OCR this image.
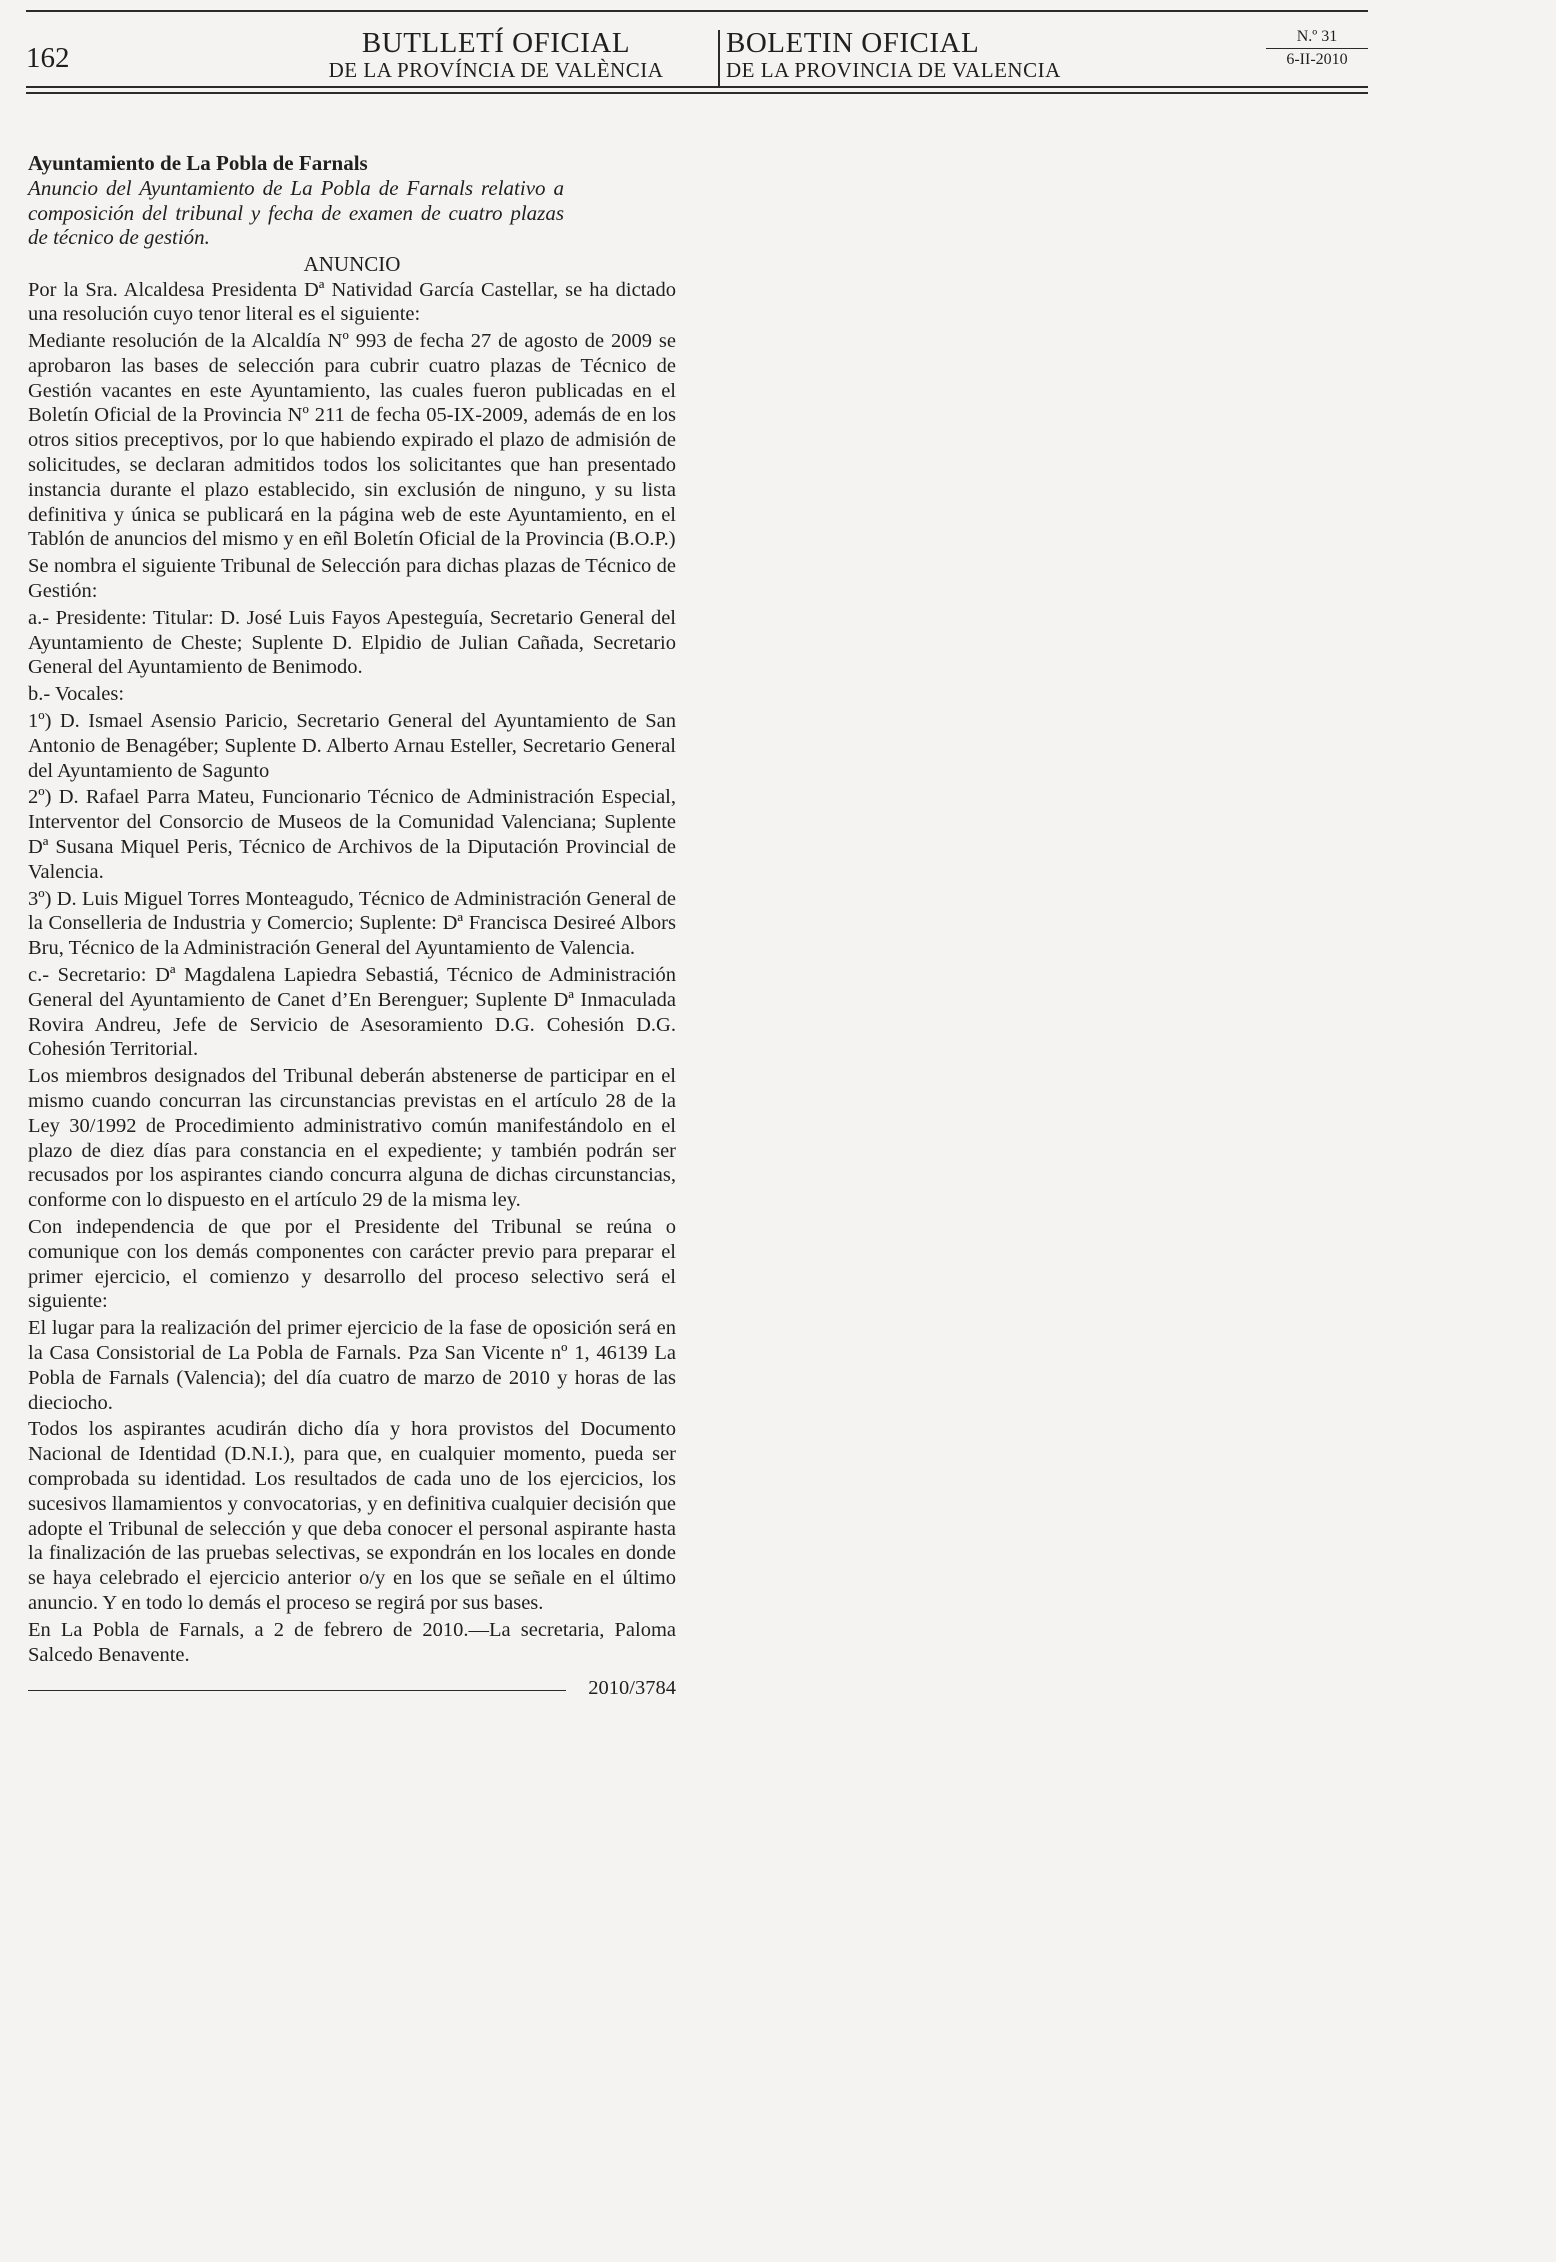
162	BUTLLETÍ OFICIAL
DE LA PROVÍNCIA DE VALÈNCIA
BOLETIN OFICIAL
DE LA PROVINCIA DE VALENCIA
N.º 31
6-II-2010

Ayuntamiento de La Pobla de Farnals

Anuncio del Ayuntamiento de La Pobla de Farnals relativo a composición del tribunal y fecha de examen de cuatro plazas de técnico de gestión.

ANUNCIO

Por la Sra. Alcaldesa Presidenta Dª Natividad García Castellar, se ha dictado una resolución cuyo tenor literal es el siguiente:

Mediante resolución de la Alcaldía Nº 993 de fecha 27 de agosto de 2009 se aprobaron las bases de selección para cubrir cuatro plazas de Técnico de Gestión vacantes en este Ayuntamiento, las cuales fueron publicadas en el Boletín Oficial de la Provincia Nº 211 de fecha 05-IX-2009, además de en los otros sitios preceptivos, por lo que habiendo expirado el plazo de admisión de solicitudes, se declaran admitidos todos los solicitantes que han presentado instancia durante el plazo establecido, sin exclusión de ninguno, y su lista definitiva y única se publicará en la página web de este Ayuntamiento, en el Tablón de anuncios del mismo y en eñl Boletín Oficial de la Provincia (B.O.P.)

Se nombra el siguiente Tribunal de Selección para dichas plazas de Técnico de Gestión:

a.- Presidente: Titular: D. José Luis Fayos Apesteguía, Secretario General del Ayuntamiento de Cheste; Suplente D. Elpidio de Julian Cañada, Secretario General del Ayuntamiento de Benimodo.

b.- Vocales:

1º) D. Ismael Asensio Paricio, Secretario General del Ayuntamiento de San Antonio de Benagéber; Suplente D. Alberto Arnau Esteller, Secretario General del Ayuntamiento de Sagunto

2º) D. Rafael Parra Mateu, Funcionario Técnico de Administración Especial, Interventor del Consorcio de Museos de la Comunidad Valenciana; Suplente Dª Susana Miquel Peris, Técnico de Archivos de la Diputación Provincial de Valencia.

3º) D. Luis Miguel Torres Monteagudo, Técnico de Administración General de la Conselleria de Industria y Comercio; Suplente: Dª Francisca Desireé Albors Bru, Técnico de la Administración General del Ayuntamiento de Valencia.

c.- Secretario: Dª Magdalena Lapiedra Sebastiá, Técnico de Administración General del Ayuntamiento de Canet d’En Berenguer; Suplente Dª Inmaculada Rovira Andreu, Jefe de Servicio de Asesoramiento D.G. Cohesión D.G. Cohesión Territorial.

Los miembros designados del Tribunal deberán abstenerse de participar en el mismo cuando concurran las circunstancias previstas en el artículo 28 de la Ley 30/1992 de Procedimiento administrativo común manifestándolo en el plazo de diez días para constancia en el expediente; y también podrán ser recusados por los aspirantes ciando concurra alguna de dichas circunstancias, conforme con lo dispuesto en el artículo 29 de la misma ley.

Con independencia de que por el Presidente del Tribunal se reúna o comunique con los demás componentes con carácter previo para preparar el primer ejercicio, el comienzo y desarrollo del proceso selectivo será el siguiente:

El lugar para la realización del primer ejercicio de la fase de oposición será en la Casa Consistorial de La Pobla de Farnals. Pza San Vicente nº 1, 46139 La Pobla de Farnals (Valencia); del día cuatro de marzo de 2010 y horas de las dieciocho.

Todos los aspirantes acudirán dicho día y hora provistos del Documento Nacional de Identidad (D.N.I.), para que, en cualquier momento, pueda ser comprobada su identidad. Los resultados de cada uno de los ejercicios, los sucesivos llamamientos y convocatorias, y en definitiva cualquier decisión que adopte el Tribunal de selección y que deba conocer el personal aspirante hasta la finalización de las pruebas selectivas, se expondrán en los locales en donde se haya celebrado el ejercicio anterior o/y en los que se señale en el último anuncio. Y en todo lo demás el proceso se regirá por sus bases.

En La Pobla de Farnals, a 2 de febrero de 2010.—La secretaria, Paloma Salcedo Benavente.

2010/3784
